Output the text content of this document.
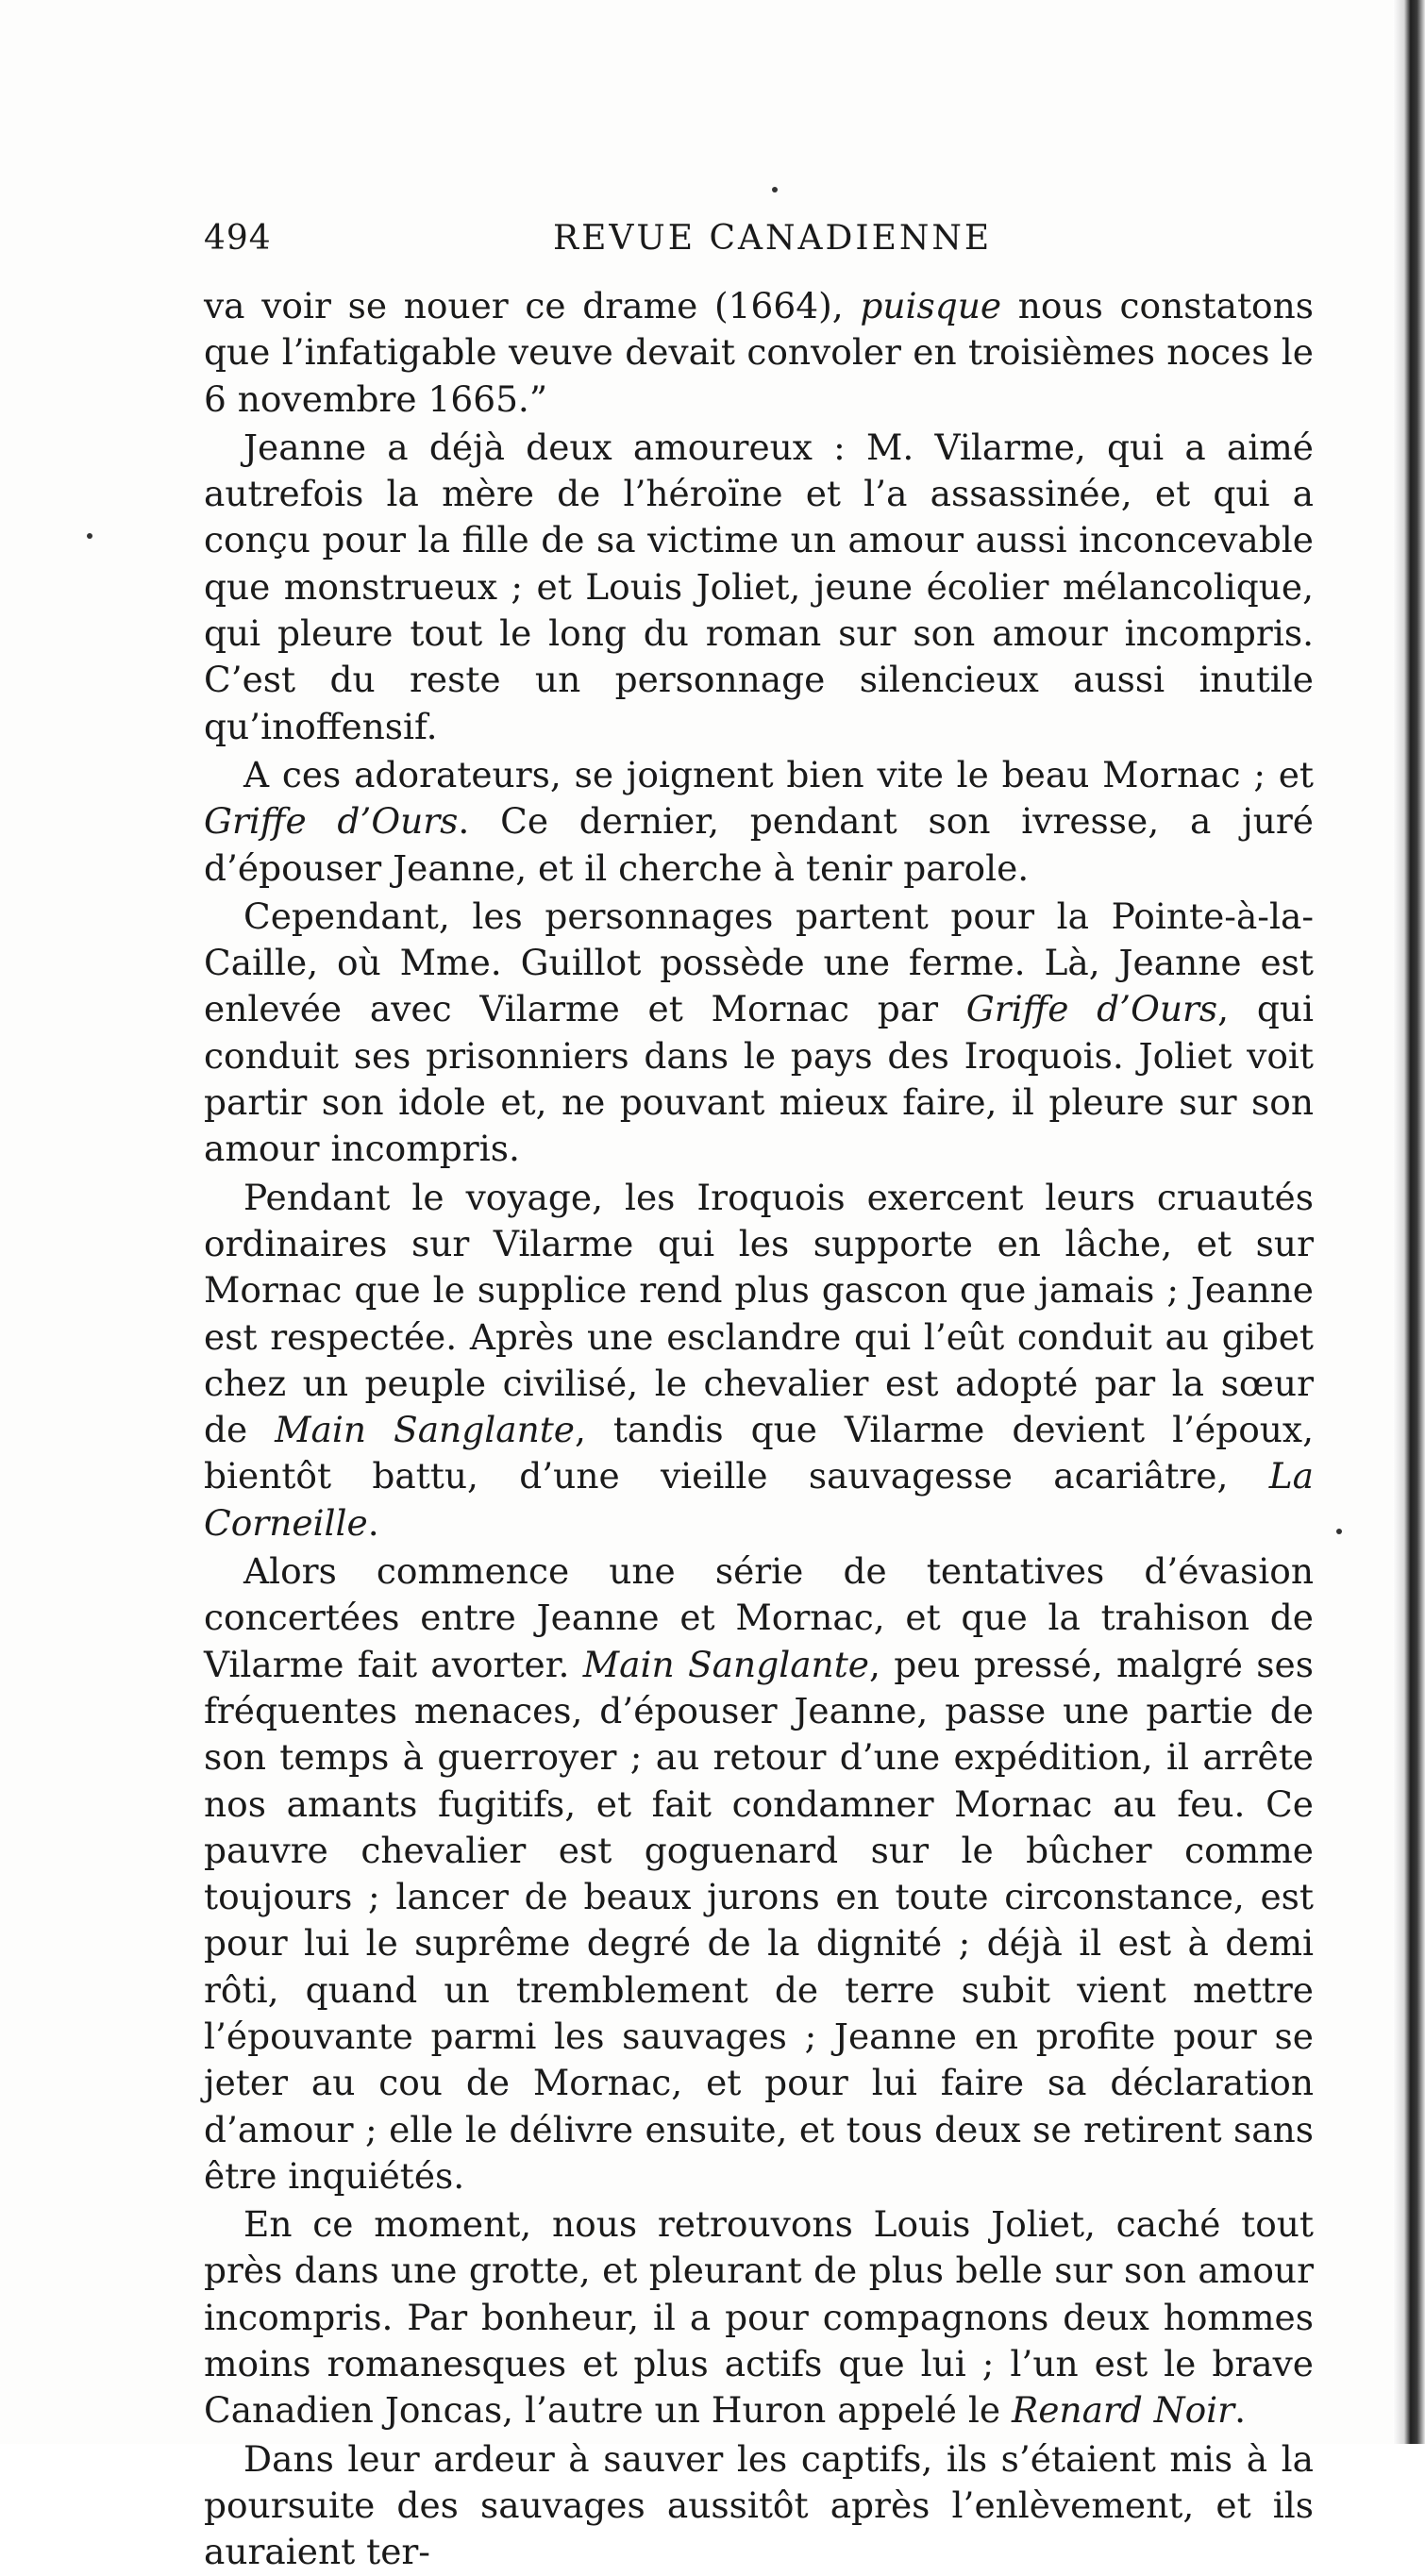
494	REVUE CANADIENNE

va voir se nouer ce drame (1664), puisque nous constatons que l’infatigable veuve devait convoler en troisièmes noces le 6 novembre 1665.”

Jeanne a déjà deux amoureux : M. Vilarme, qui a aimé autrefois la mère de l’héroïne et l’a assassinée, et qui a conçu pour la fille de sa victime un amour aussi inconcevable que monstrueux ; et Louis Joliet, jeune écolier mélancolique, qui pleure tout le long du roman sur son amour incompris. C’est du reste un personnage silencieux aussi inutile qu’inoffensif.

A ces adorateurs, se joignent bien vite le beau Mornac ; et Griffe d’Ours. Ce dernier, pendant son ivresse, a juré d’épouser Jeanne, et il cherche à tenir parole.

Cependant, les personnages partent pour la Pointe-à-la-Caille, où Mme. Guillot possède une ferme. Là, Jeanne est enlevée avec Vilarme et Mornac par Griffe d’Ours, qui conduit ses prisonniers dans le pays des Iroquois. Joliet voit partir son idole et, ne pouvant mieux faire, il pleure sur son amour incompris.

Pendant le voyage, les Iroquois exercent leurs cruautés ordinaires sur Vilarme qui les supporte en lâche, et sur Mornac que le supplice rend plus gascon que jamais ; Jeanne est respectée. Après une esclandre qui l’eût conduit au gibet chez un peuple civilisé, le chevalier est adopté par la sœur de Main Sanglante, tandis que Vilarme devient l’époux, bientôt battu, d’une vieille sauvagesse acariâtre, La Corneille.

Alors commence une série de tentatives d’évasion concertées entre Jeanne et Mornac, et que la trahison de Vilarme fait avorter. Main Sanglante, peu pressé, malgré ses fréquentes menaces, d’épouser Jeanne, passe une partie de son temps à guerroyer ; au retour d’une expédition, il arrête nos amants fugitifs, et fait condamner Mornac au feu. Ce pauvre chevalier est goguenard sur le bûcher comme toujours ; lancer de beaux jurons en toute circonstance, est pour lui le suprême degré de la dignité ; déjà il est à demi rôti, quand un tremblement de terre subit vient mettre l’épouvante parmi les sauvages ; Jeanne en profite pour se jeter au cou de Mornac, et pour lui faire sa déclaration d’amour ; elle le délivre ensuite, et tous deux se retirent sans être inquiétés.

En ce moment, nous retrouvons Louis Joliet, caché tout près dans une grotte, et pleurant de plus belle sur son amour incompris. Par bonheur, il a pour compagnons deux hommes moins romanesques et plus actifs que lui ; l’un est le brave Canadien Joncas, l’autre un Huron appelé le Renard Noir.

Dans leur ardeur à sauver les captifs, ils s’étaient mis à la poursuite des sauvages aussitôt après l’enlèvement, et ils auraient ter-
